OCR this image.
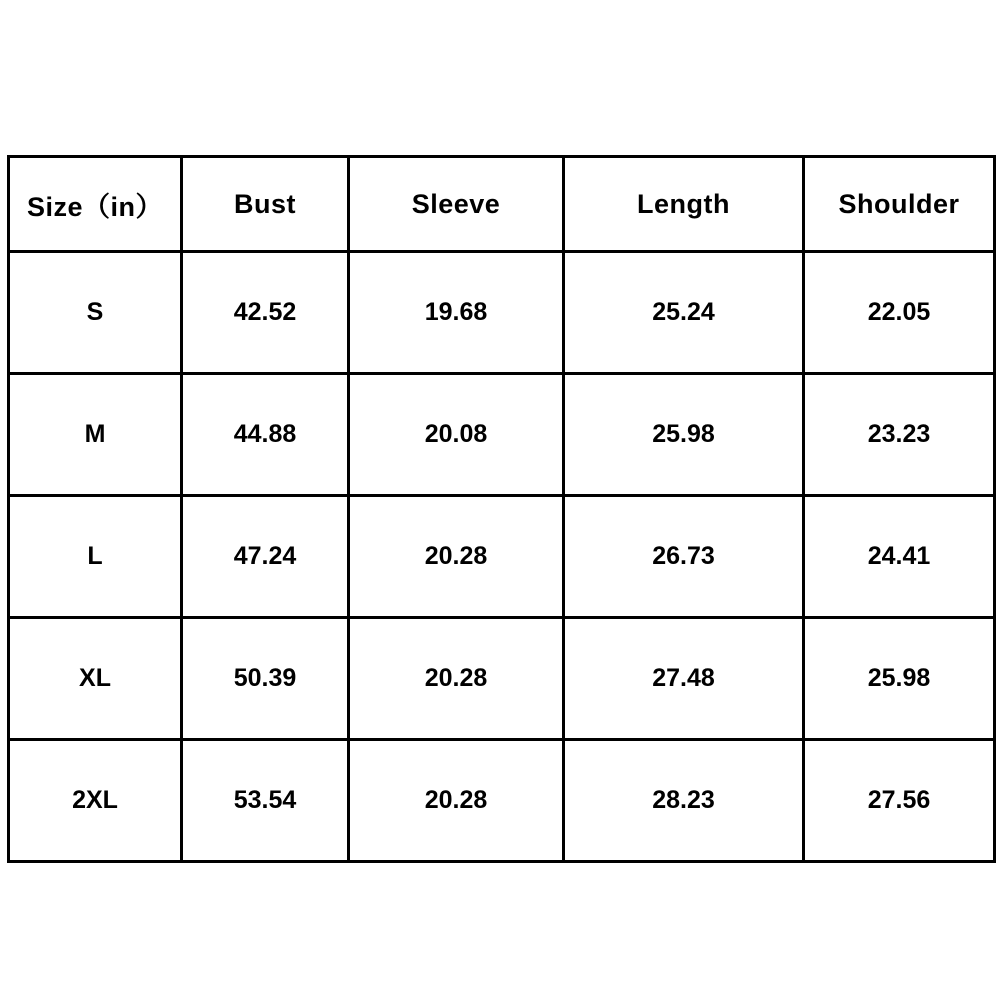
Size（in）	Bust	Sleeve	Length	Shoulder
S	42.52	19.68	25.24	22.05
M	44.88	20.08	25.98	23.23
L	47.24	20.28	26.73	24.41
XL	50.39	20.28	27.48	25.98
2XL	53.54	20.28	28.23	27.56
